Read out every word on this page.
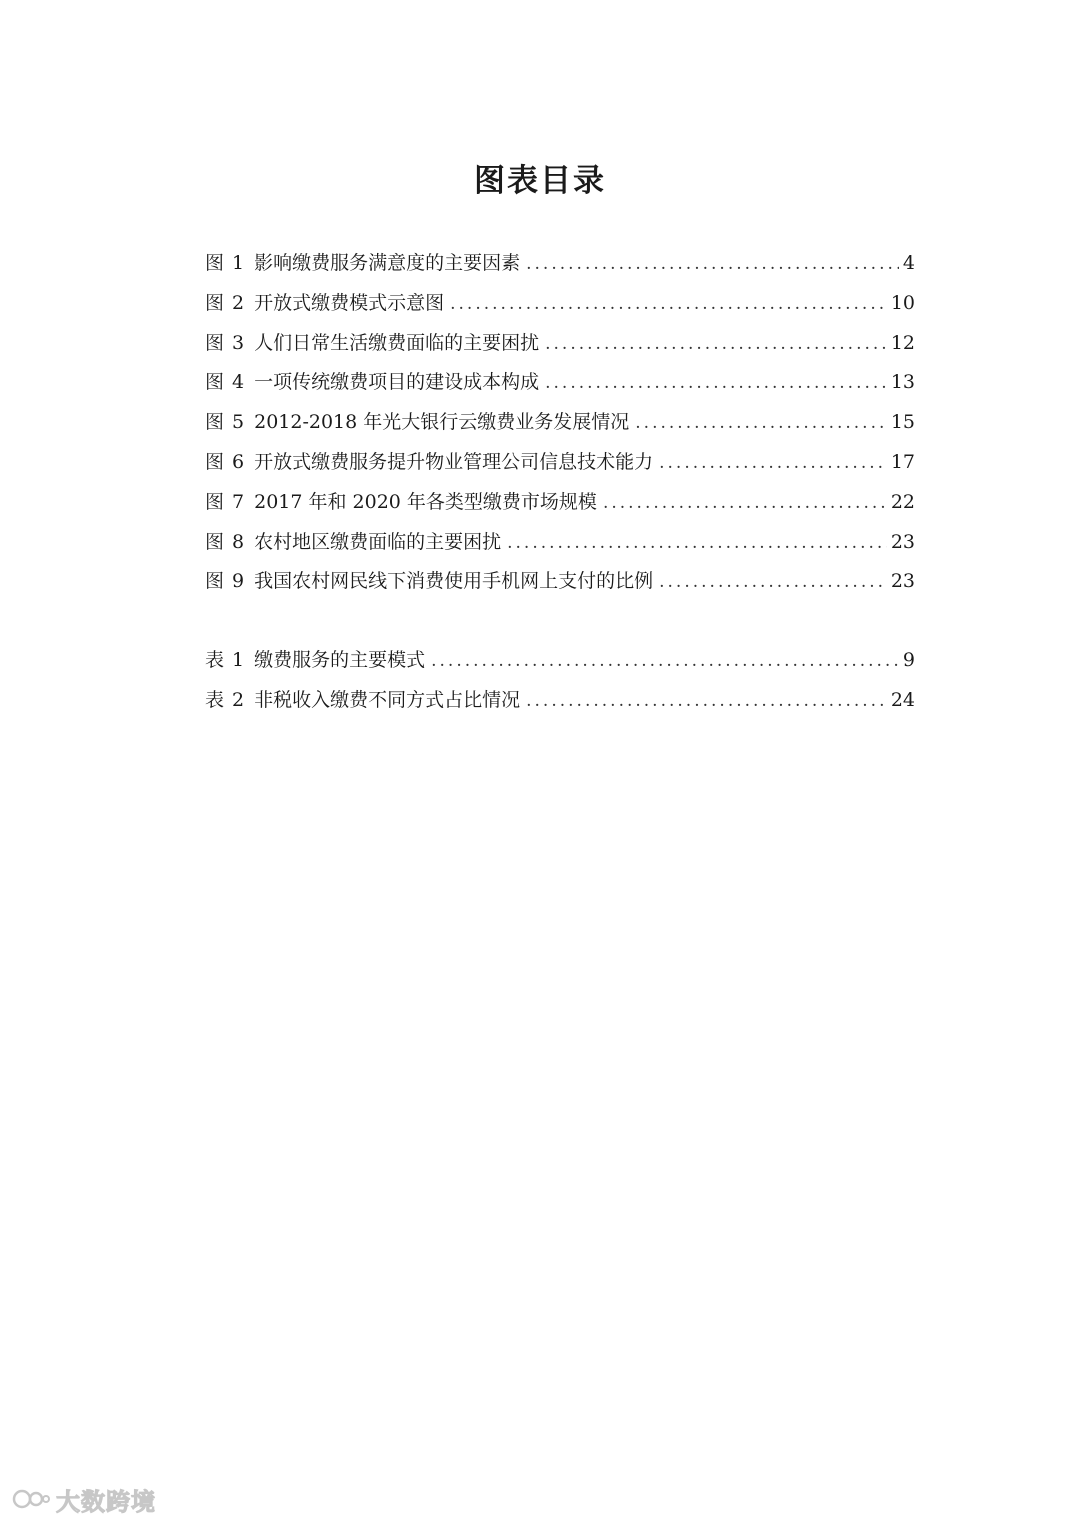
图表目录
图 1 影响缴费服务满意度的主要因素 .....	4
图 2 开放式缴费模式示意图 .....	10
图 3 人们日常生活缴费面临的主要困扰 .....	12
图 4 一项传统缴费项目的建设成本构成 .....	13
图 5 2012-2018 年光大银行云缴费业务发展情况 .....	15
图 6 开放式缴费服务提升物业管理公司信息技术能力 .....	17
图 7 2017 年和 2020 年各类型缴费市场规模 .....	22
图 8 农村地区缴费面临的主要困扰 .....	23
图 9 我国农村网民线下消费使用手机网上支付的比例 .....	23
表 1 缴费服务的主要模式 .....	9
表 2 非税收入缴费不同方式占比情况 .....	24
大数跨境
